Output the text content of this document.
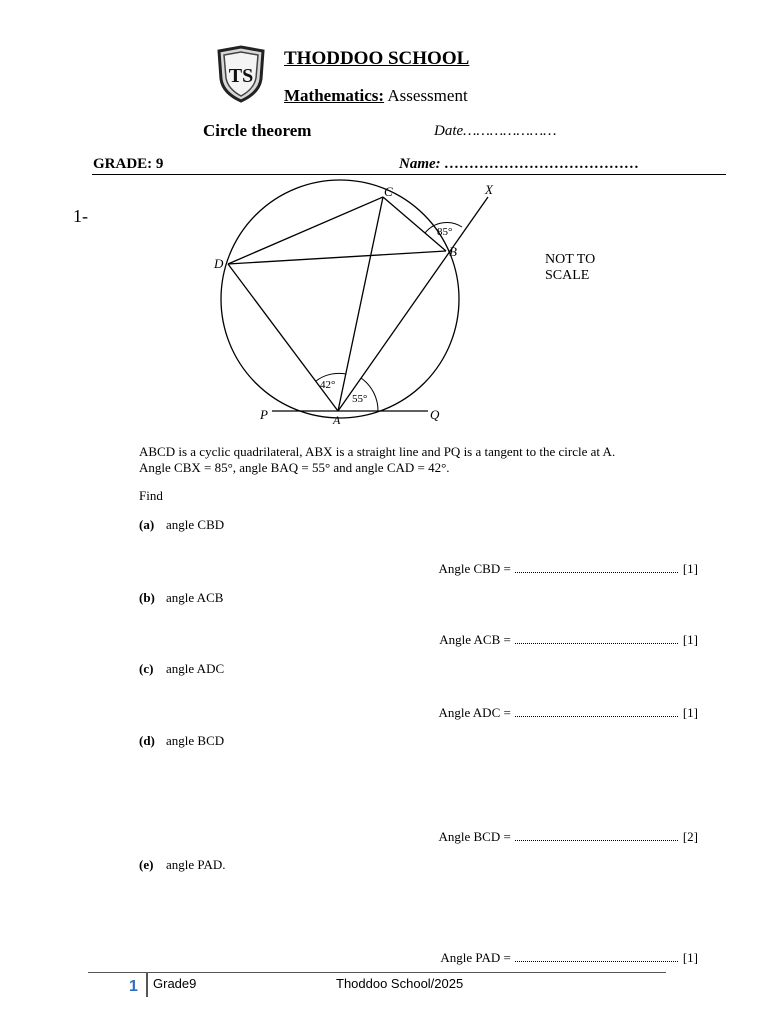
TS
THODDOO SCHOOL
Mathematics: Assessment
Circle theorem	Date…………………
GRADE: 9	Name: …………………………………
1-
C	X
D
B
P	A	Q
85°
42°
55°
NOT TO SCALE
ABCD is a cyclic quadrilateral, ABX is a straight line and PQ is a tangent to the circle at A.
Angle CBX = 85°, angle BAQ = 55° and angle CAD = 42°.
Find
(a) angle CBD
Angle CBD =	[1]
(b) angle ACB
Angle ACB =	[1]
(c) angle ADC
Angle ADC =	[1]
(d) angle BCD
Angle BCD =	[2]
(e) angle PAD.
Angle PAD =	[1]
1 Grade9	Thoddoo School/2025
